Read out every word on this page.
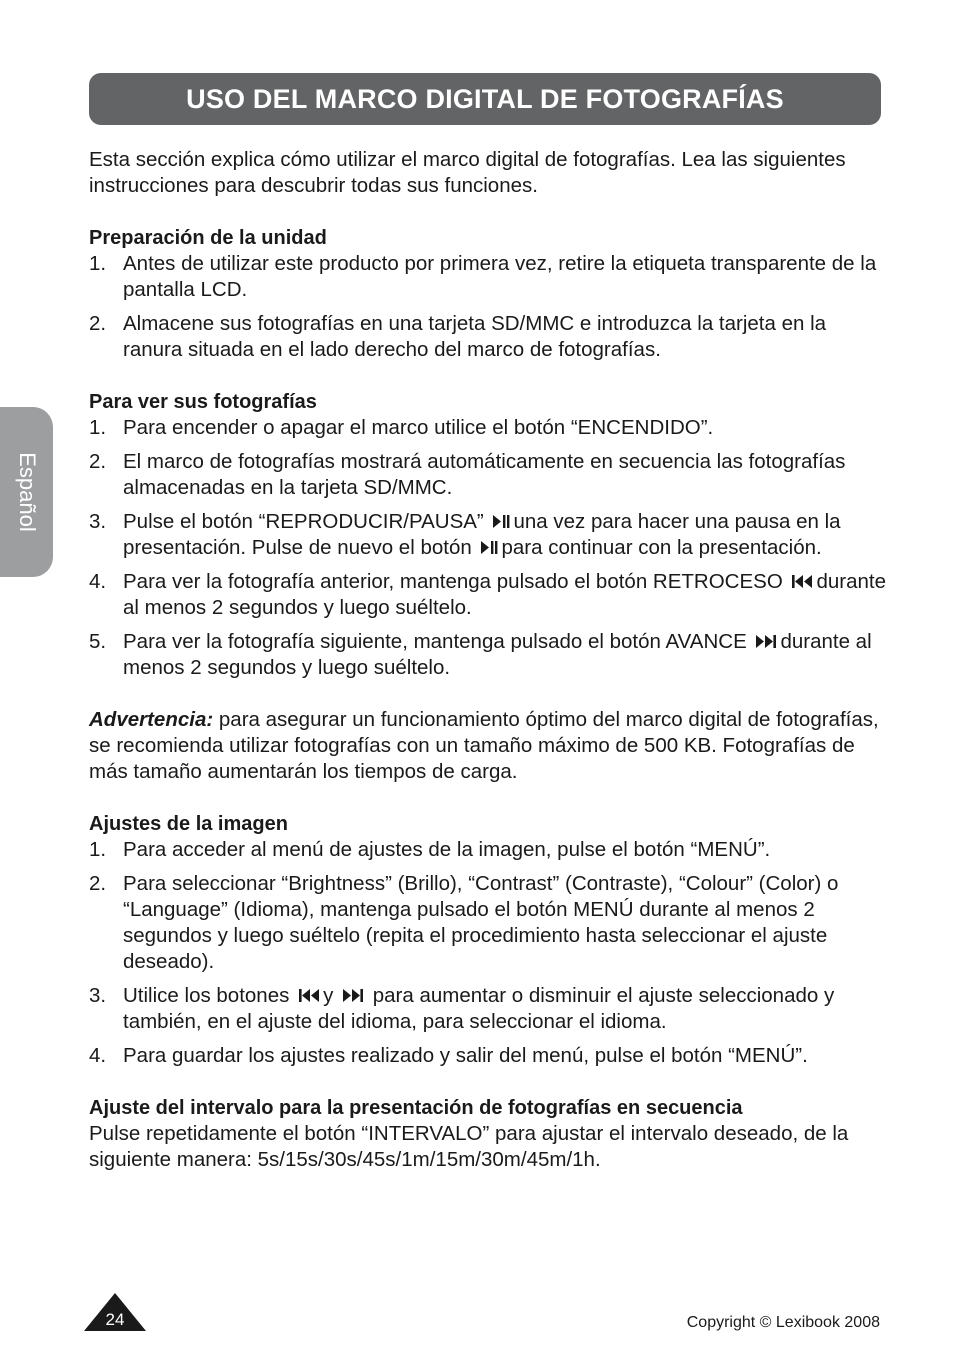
USO DEL MARCO DIGITAL DE FOTOGRAFÍAS
Español

Esta sección explica cómo utilizar el marco digital de fotografías. Lea las siguientes instrucciones para descubrir todas sus funciones.

Preparación de la unidad

1. Antes de utilizar este producto por primera vez, retire la etiqueta transparente de la pantalla LCD.
2. Almacene sus fotografías en una tarjeta SD/MMC e introduzca la tarjeta en la ranura situada en el lado derecho del marco de fotografías.

Para ver sus fotografías

1. Para encender o apagar el marco utilice el botón “ENCENDIDO”.
2. El marco de fotografías mostrará automáticamente en secuencia las fotografías almacenadas en la tarjeta SD/MMC.
3. Pulse el botón “REPRODUCIR/PAUSA” una vez para hacer una pausa en la presentación. Pulse de nuevo el botón para continuar con la presentación.
4. Para ver la fotografía anterior, mantenga pulsado el botón RETROCESO durante al menos 2 segundos y luego suéltelo.
5. Para ver la fotografía siguiente, mantenga pulsado el botón AVANCE durante al menos 2 segundos y luego suéltelo.

Advertencia: para asegurar un funcionamiento óptimo del marco digital de fotografías, se recomienda utilizar fotografías con un tamaño máximo de 500 KB. Fotografías de más tamaño aumentarán los tiempos de carga.

Ajustes de la imagen

1. Para acceder al menú de ajustes de la imagen, pulse el botón “MENÚ”.
2. Para seleccionar “Brightness” (Brillo), “Contrast” (Contraste), “Colour” (Color) o “Language” (Idioma), mantenga pulsado el botón MENÚ durante al menos 2 segundos y luego suéltelo (repita el procedimiento hasta seleccionar el ajuste deseado).
3. Utilice los botones y para aumentar o disminuir el ajuste seleccionado y también, en el ajuste del idioma, para seleccionar el idioma.
4. Para guardar los ajustes realizado y salir del menú, pulse el botón “MENÚ”.

Ajuste del intervalo para la presentación de fotografías en secuencia

Pulse repetidamente el botón “INTERVALO” para ajustar el intervalo deseado, de la siguiente manera: 5s/15s/30s/45s/1m/15m/30m/45m/1h.

24	Copyright © Lexibook 2008
